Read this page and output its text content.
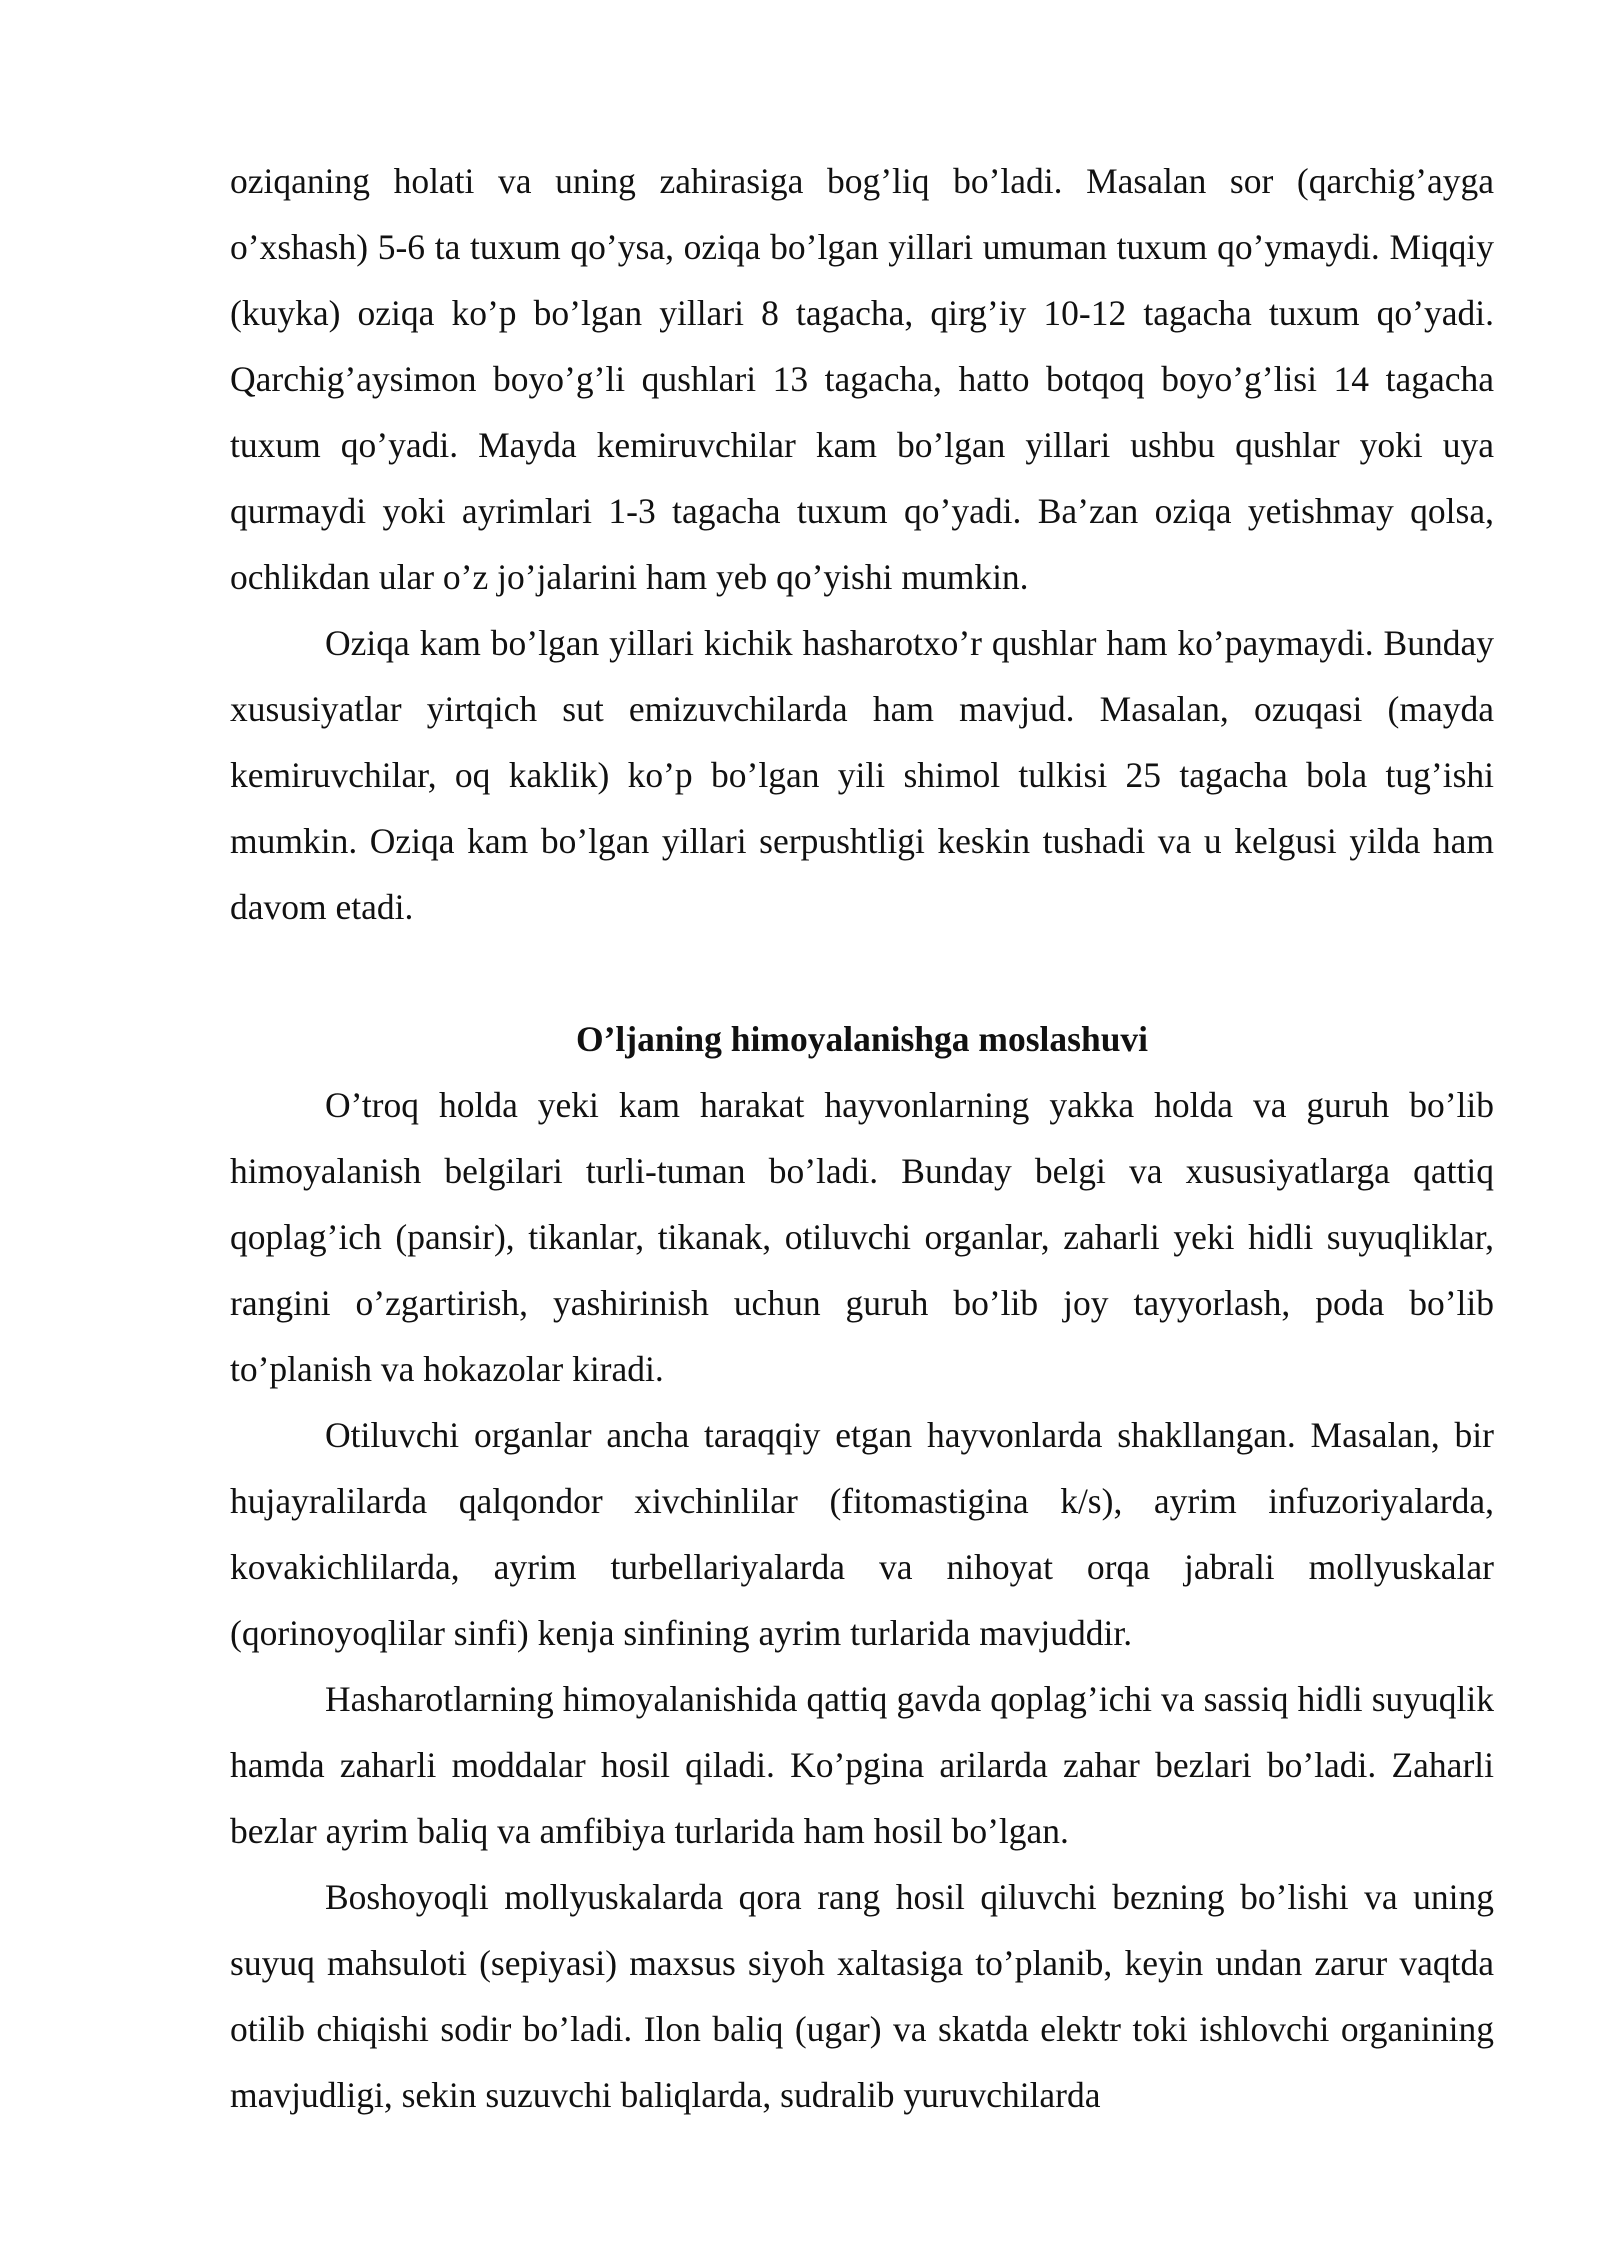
oziqaning holati va uning zahirasiga bog’liq bo’ladi. Masalan sor (qarchig’ayga o’xshash) 5-6 ta tuxum qo’ysa, oziqa bo’lgan yillari umuman tuxum qo’ymaydi. Miqqiy (kuyka) oziqa ko’p bo’lgan yillari 8 tagacha, qirg’iy 10-12 tagacha tuxum qo’yadi. Qarchig’aysimon boyo’g’li qushlari 13 tagacha, hatto botqoq boyo’g’lisi 14 tagacha tuxum qo’yadi. Mayda kemiruvchilar kam bo’lgan yillari ushbu qushlar yoki uya qurmaydi yoki ayrimlari 1-3 tagacha tuxum qo’yadi. Ba’zan oziqa yetishmay qolsa, ochlikdan ular o’z jo’jalarini ham yeb qo’yishi mumkin.

Oziqa kam bo’lgan yillari kichik hasharotxo’r qushlar ham ko’paymaydi. Bunday xususiyatlar yirtqich sut emizuvchilarda ham mavjud. Masalan, ozuqasi (mayda kemiruvchilar, oq kaklik) ko’p bo’lgan yili shimol tulkisi 25 tagacha bola tug’ishi mumkin. Oziqa kam bo’lgan yillari serpushtligi keskin tushadi va u kelgusi yilda ham davom etadi.

O’ljaning himoyalanishga moslashuvi

O’troq holda yeki kam harakat hayvonlarning yakka holda va guruh bo’lib himoyalanish belgilari turli-tuman bo’ladi. Bunday belgi va xususiyatlarga qattiq qoplag’ich (pansir), tikanlar, tikanak, otiluvchi organlar, zaharli yeki hidli suyuqliklar, rangini o’zgartirish, yashirinish uchun guruh bo’lib joy tayyorlash, poda bo’lib to’planish va hokazolar kiradi.

Otiluvchi organlar ancha taraqqiy etgan hayvonlarda shakllangan. Masalan, bir hujayralilarda qalqondor xivchinlilar (fitomastigina k/s), ayrim infuzoriyalarda, kovakichlilarda, ayrim turbellariyalarda va nihoyat orqa jabrali mollyuskalar (qorinoyoqlilar sinfi) kenja sinfining ayrim turlarida mavjuddir.

Hasharotlarning himoyalanishida qattiq gavda qoplag’ichi va sassiq hidli suyuqlik hamda zaharli moddalar hosil qiladi. Ko’pgina arilarda zahar bezlari bo’ladi. Zaharli bezlar ayrim baliq va amfibiya turlarida ham hosil bo’lgan.

Boshoyoqli mollyuskalarda qora rang hosil qiluvchi bezning bo’lishi va uning suyuq mahsuloti (sepiyasi) maxsus siyoh xaltasiga to’planib, keyin undan zarur vaqtda otilib chiqishi sodir bo’ladi. Ilon baliq (ugar) va skatda elektr toki ishlovchi organining mavjudligi, sekin suzuvchi baliqlarda, sudralib yuruvchilarda
